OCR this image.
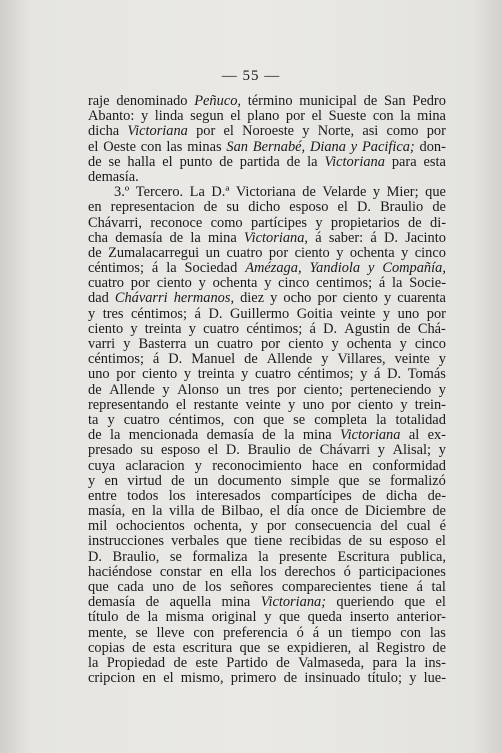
— 55 —
raje denominado Peñuco, término municipal de San Pedro
Abanto: y linda segun el plano por el Sueste con la mina
dicha Victoriana por el Noroeste y Norte, asi como por
el Oeste con las minas San Bernabé, Diana y Pacifica; don-
de se halla el punto de partida de la Victoriana para esta
demasía.
3.º Tercero. La D.ª Victoriana de Velarde y Mier; que
en representacion de su dicho esposo el D. Braulio de
Chávarri, reconoce como partícipes y propietarios de di-
cha demasía de la mina Victoriana, á saber: á D. Jacinto
de Zumalacarregui un cuatro por ciento y ochenta y cinco
céntimos; á la Sociedad Amézaga, Yandiola y Compañía,
cuatro por ciento y ochenta y cinco centimos; á la Socie-
dad Chávarri hermanos, diez y ocho por ciento y cuarenta
y tres céntimos; á D. Guillermo Goitia veinte y uno por
ciento y treinta y cuatro céntimos; á D. Agustin de Chá-
varri y Basterra un cuatro por ciento y ochenta y cinco
céntimos; á D. Manuel de Allende y Villares, veinte y
uno por ciento y treinta y cuatro céntimos; y á D. Tomás
de Allende y Alonso un tres por ciento; perteneciendo y
representando el restante veinte y uno por ciento y trein-
ta y cuatro céntimos, con que se completa la totalidad
de la mencionada demasía de la mina Victoriana al ex-
presado su esposo el D. Braulio de Chávarri y Alisal; y
cuya aclaracion y reconocimiento hace en conformidad
y en virtud de un documento simple que se formalizó
entre todos los interesados compartícipes de dicha de-
masía, en la villa de Bilbao, el día once de Diciembre de
mil ochocientos ochenta, y por consecuencia del cual é
instrucciones verbales que tiene recibidas de su esposo el
D. Braulio, se formaliza la presente Escritura publica,
haciéndose constar en ella los derechos ó participaciones
que cada uno de los señores comparecientes tiene á tal
demasía de aquella mina Victoriana; queriendo que el
título de la misma original y que queda inserto anterior-
mente, se lleve con preferencia ó á un tiempo con las
copias de esta escritura que se expidieren, al Registro de
la Propiedad de este Partido de Valmaseda, para la ins-
cripcion en el mismo, primero de insinuado título; y lue-
